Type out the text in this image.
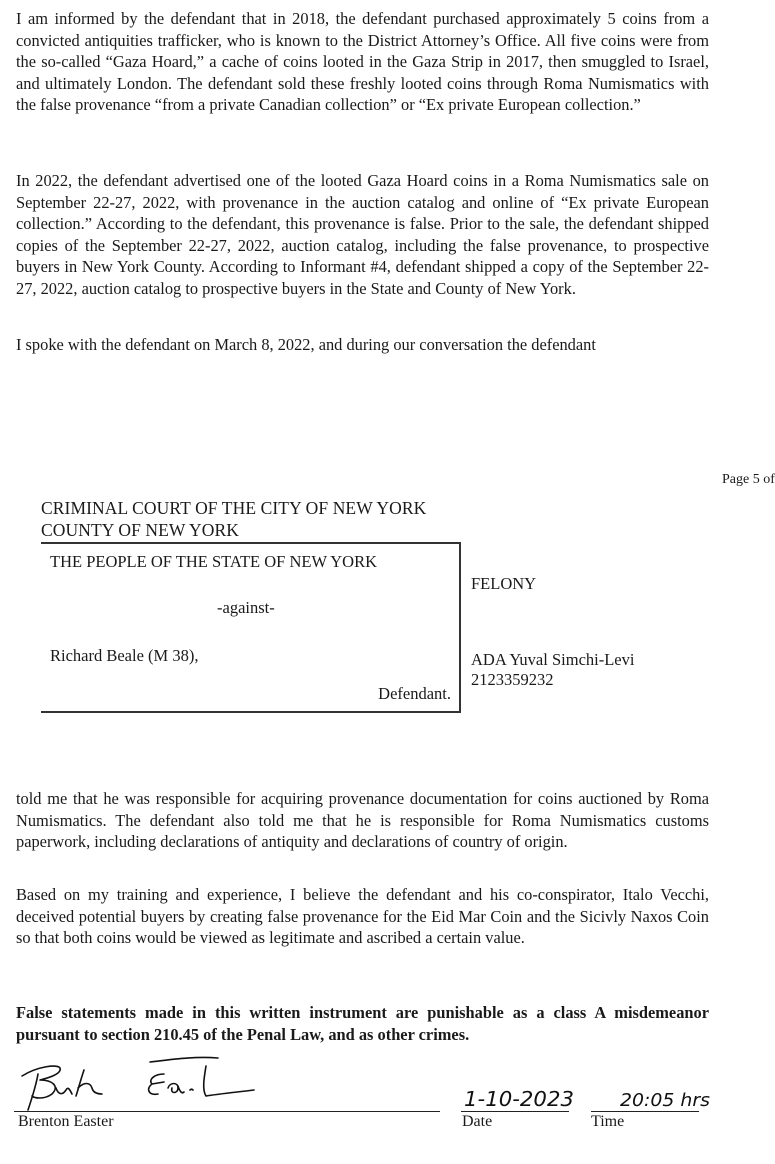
I am informed by the defendant that in 2018, the defendant purchased approximately 5 coins from a convicted antiquities trafficker, who is known to the District Attorney’s Office. All five coins were from the so-called “Gaza Hoard,” a cache of coins looted in the Gaza Strip in 2017, then smuggled to Israel, and ultimately London. The defendant sold these freshly looted coins through Roma Numismatics with the false provenance “from a private Canadian collection” or “Ex private European collection.”

In 2022, the defendant advertised one of the looted Gaza Hoard coins in a Roma Numismatics sale on September 22-27, 2022, with provenance in the auction catalog and online of “Ex private European collection.” According to the defendant, this provenance is false. Prior to the sale, the defendant shipped copies of the September 22-27, 2022, auction catalog, including the false provenance, to prospective buyers in New York County. According to Informant #4, defendant shipped a copy of the September 22-27, 2022, auction catalog to prospective buyers in the State and County of New York.

I spoke with the defendant on March 8, 2022, and during our conversation the defendant

Page 5 of
CRIMINAL COURT OF THE CITY OF NEW YORK
COUNTY OF NEW YORK
THE PEOPLE OF THE STATE OF NEW YORK
-against-
Richard Beale (M 38),
Defendant.
FELONY
ADA Yuval Simchi-Levi
2123359232

told me that he was responsible for acquiring provenance documentation for coins auctioned by Roma Numismatics. The defendant also told me that he is responsible for Roma Numismatics customs paperwork, including declarations of antiquity and declarations of country of origin.

Based on my training and experience, I believe the defendant and his co-conspirator, Italo Vecchi, deceived potential buyers by creating false provenance for the Eid Mar Coin and the Sicivly Naxos Coin so that both coins would be viewed as legitimate and ascribed a certain value.

False statements made in this written instrument are punishable as a class A misdemeanor pursuant to section 210.45 of the Penal Law, and as other crimes.

Brenton Easter
1-10-2023
Date
20:05 hrs
Time
